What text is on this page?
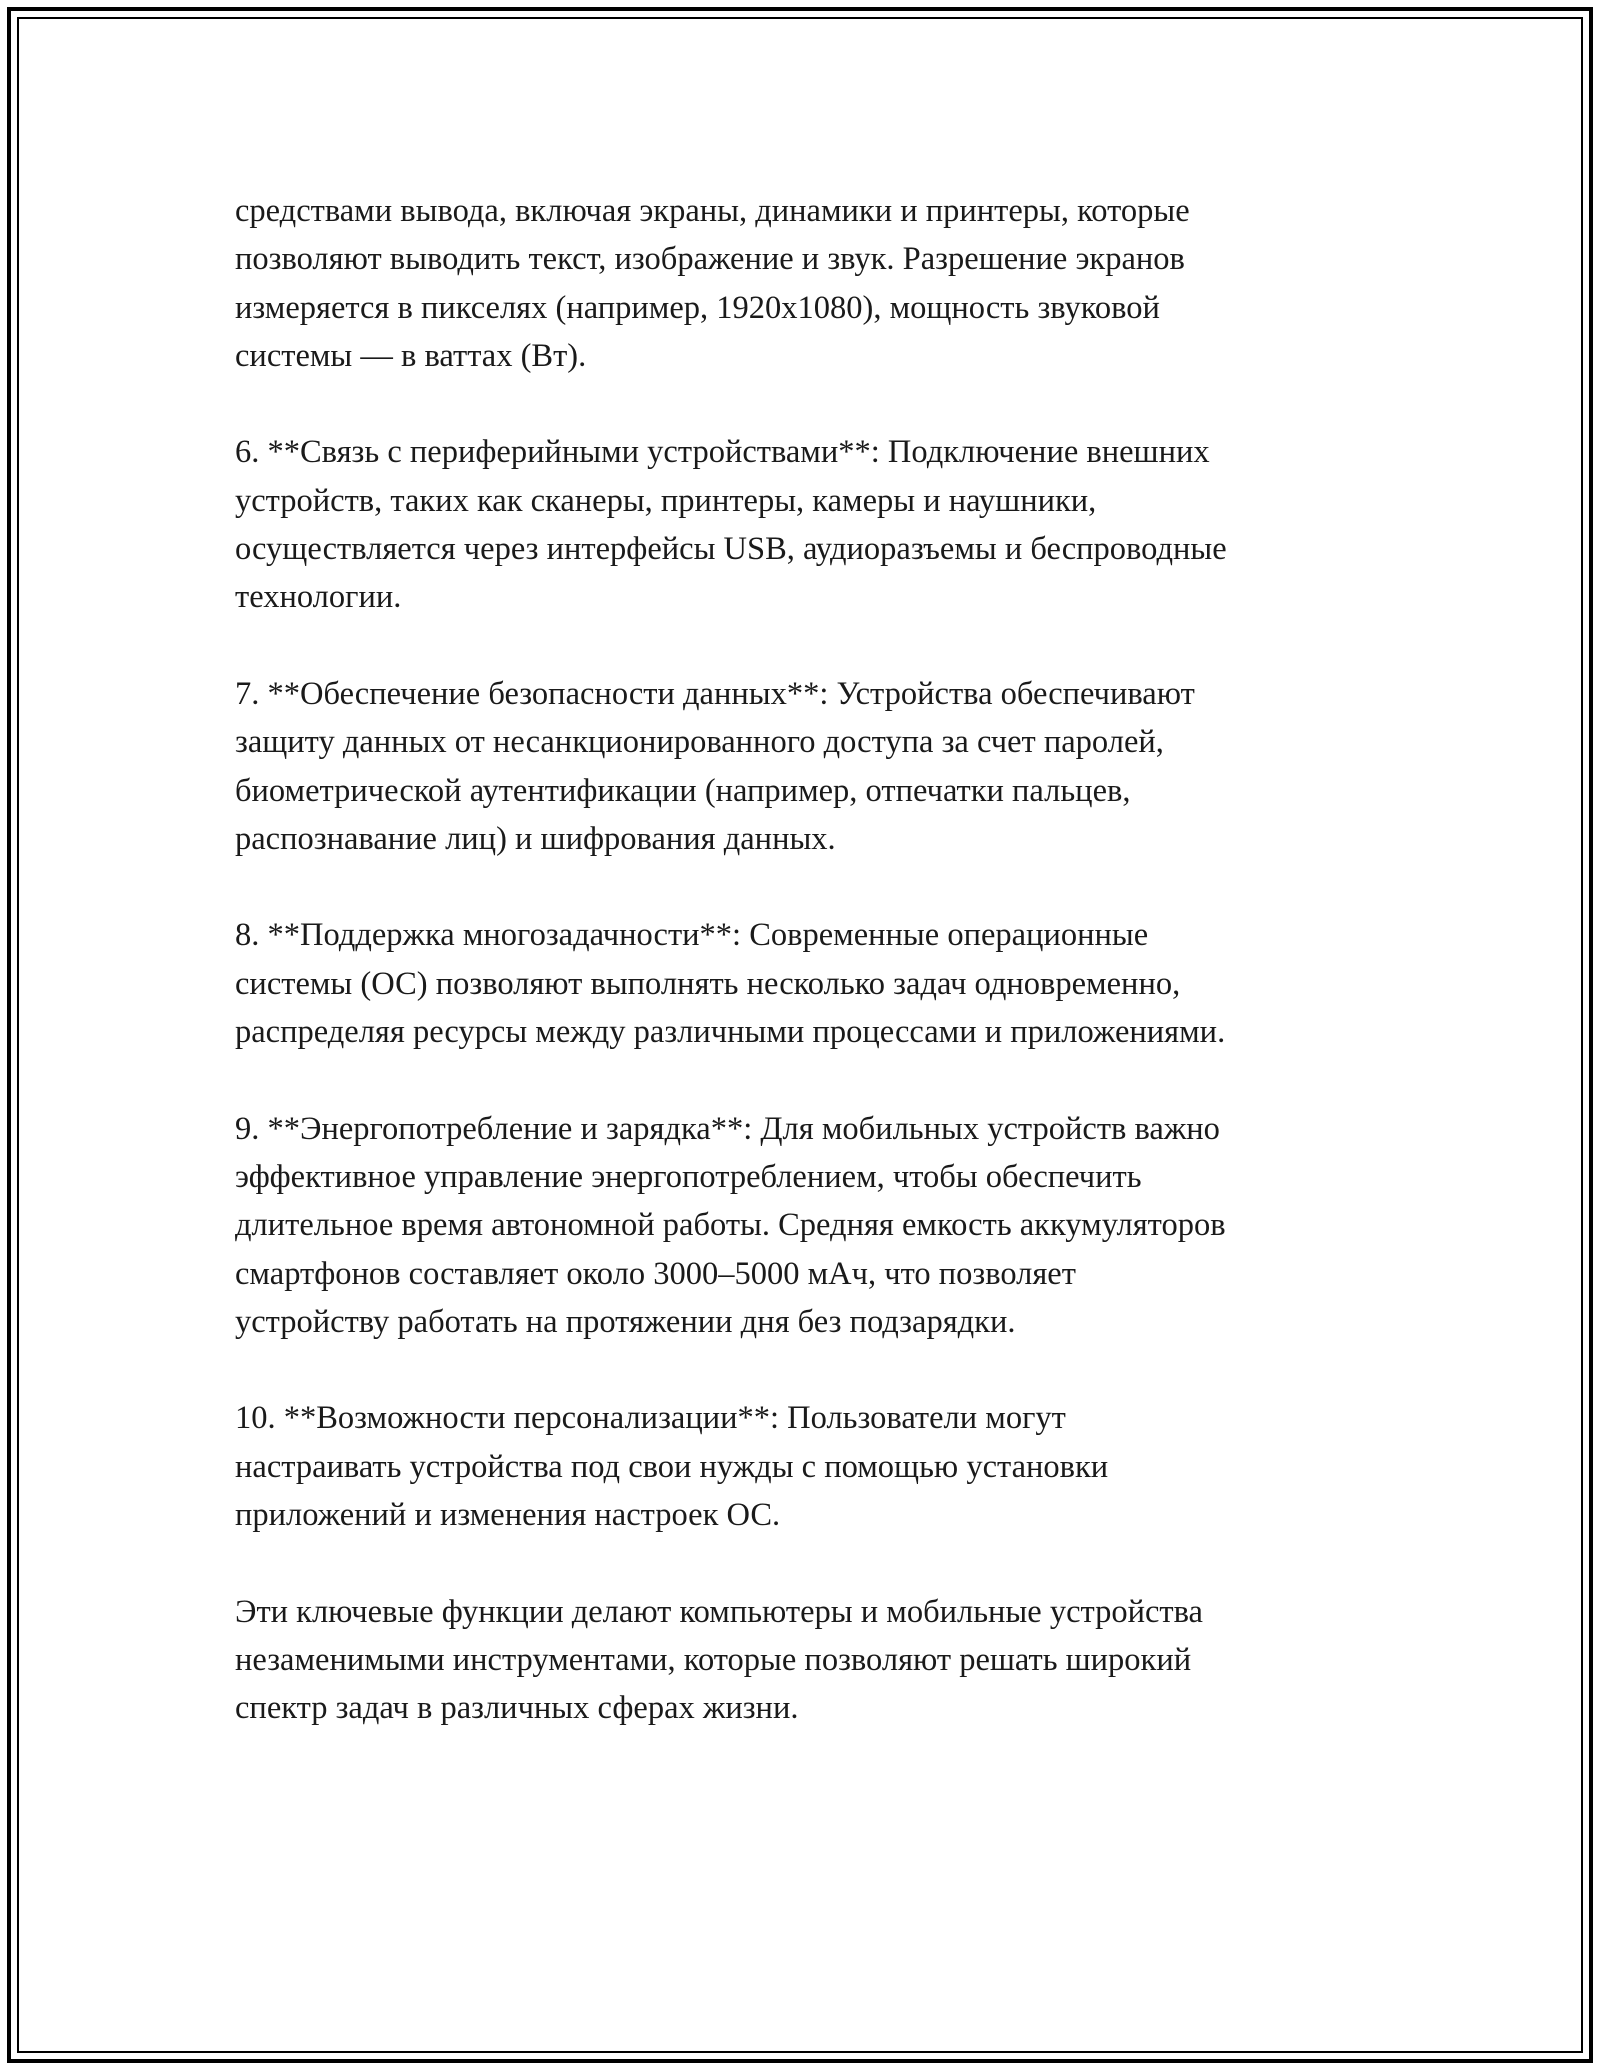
средствами вывода, включая экраны, динамики и принтеры, которые
позволяют выводить текст, изображение и звук. Разрешение экранов
измеряется в пикселях (например, 1920x1080), мощность звуковой
системы — в ваттах (Вт).

6. **Связь с периферийными устройствами**: Подключение внешних
устройств, таких как сканеры, принтеры, камеры и наушники,
осуществляется через интерфейсы USB, аудиоразъемы и беспроводные
технологии.

7. **Обеспечение безопасности данных**: Устройства обеспечивают
защиту данных от несанкционированного доступа за счет паролей,
биометрической аутентификации (например, отпечатки пальцев,
распознавание лиц) и шифрования данных.

8. **Поддержка многозадачности**: Современные операционные
системы (ОС) позволяют выполнять несколько задач одновременно,
распределяя ресурсы между различными процессами и приложениями.

9. **Энергопотребление и зарядка**: Для мобильных устройств важно
эффективное управление энергопотреблением, чтобы обеспечить
длительное время автономной работы. Средняя емкость аккумуляторов
смартфонов составляет около 3000–5000 мАч, что позволяет
устройству работать на протяжении дня без подзарядки.

10. **Возможности персонализации**: Пользователи могут
настраивать устройства под свои нужды с помощью установки
приложений и изменения настроек ОС.

Эти ключевые функции делают компьютеры и мобильные устройства
незаменимыми инструментами, которые позволяют решать широкий
спектр задач в различных сферах жизни.
